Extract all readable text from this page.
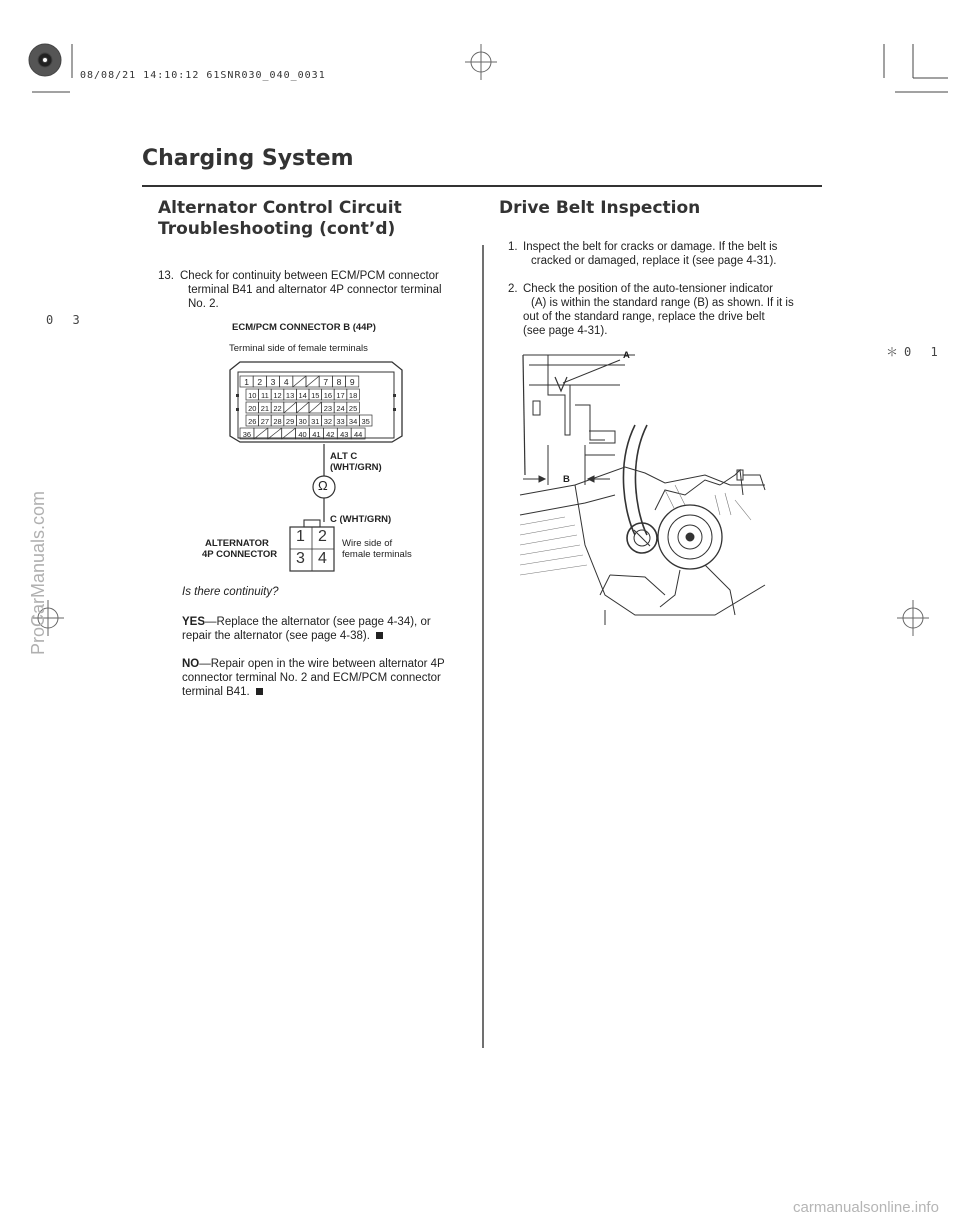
08/08/21 14:10:12 61SNR030_040_0031
Charging System
0 3
＊0 1
Alternator Control Circuit
Troubleshooting (cont’d)
13. Check for continuity between ECM/PCM connector
terminal B41 and alternator 4P connector terminal
No. 2.
ECM/PCM CONNECTOR B (44P)
Terminal side of female terminals
1 2 3 4	7 8 9
10 11 12 13 14 15 16 17 18
20 21 22	23 24 25
26 27 28 29 30 31 32 33 34 35
36	40 41 42 43 44
Ω
ALT C
(WHT/GRN)
C (WHT/GRN)
ALTERNATOR
4P CONNECTOR
1 2
3 4
Wire side of
female terminals
Is there continuity?
YES—Replace the alternator (see page 4-34), or
repair the alternator (see page 4-38).
NO—Repair open in the wire between alternator 4P
connector terminal No. 2 and ECM/PCM connector
terminal B41.
Drive Belt Inspection
1. Inspect the belt for cracks or damage. If the belt is
cracked or damaged, replace it (see page 4-31).
2. Check the position of the auto-tensioner indicator
(A) is within the standard range (B) as shown. If it is
out of the standard range, replace the drive belt
(see page 4-31).
A
B
ProCarManuals.com
carmanualsonline.info
